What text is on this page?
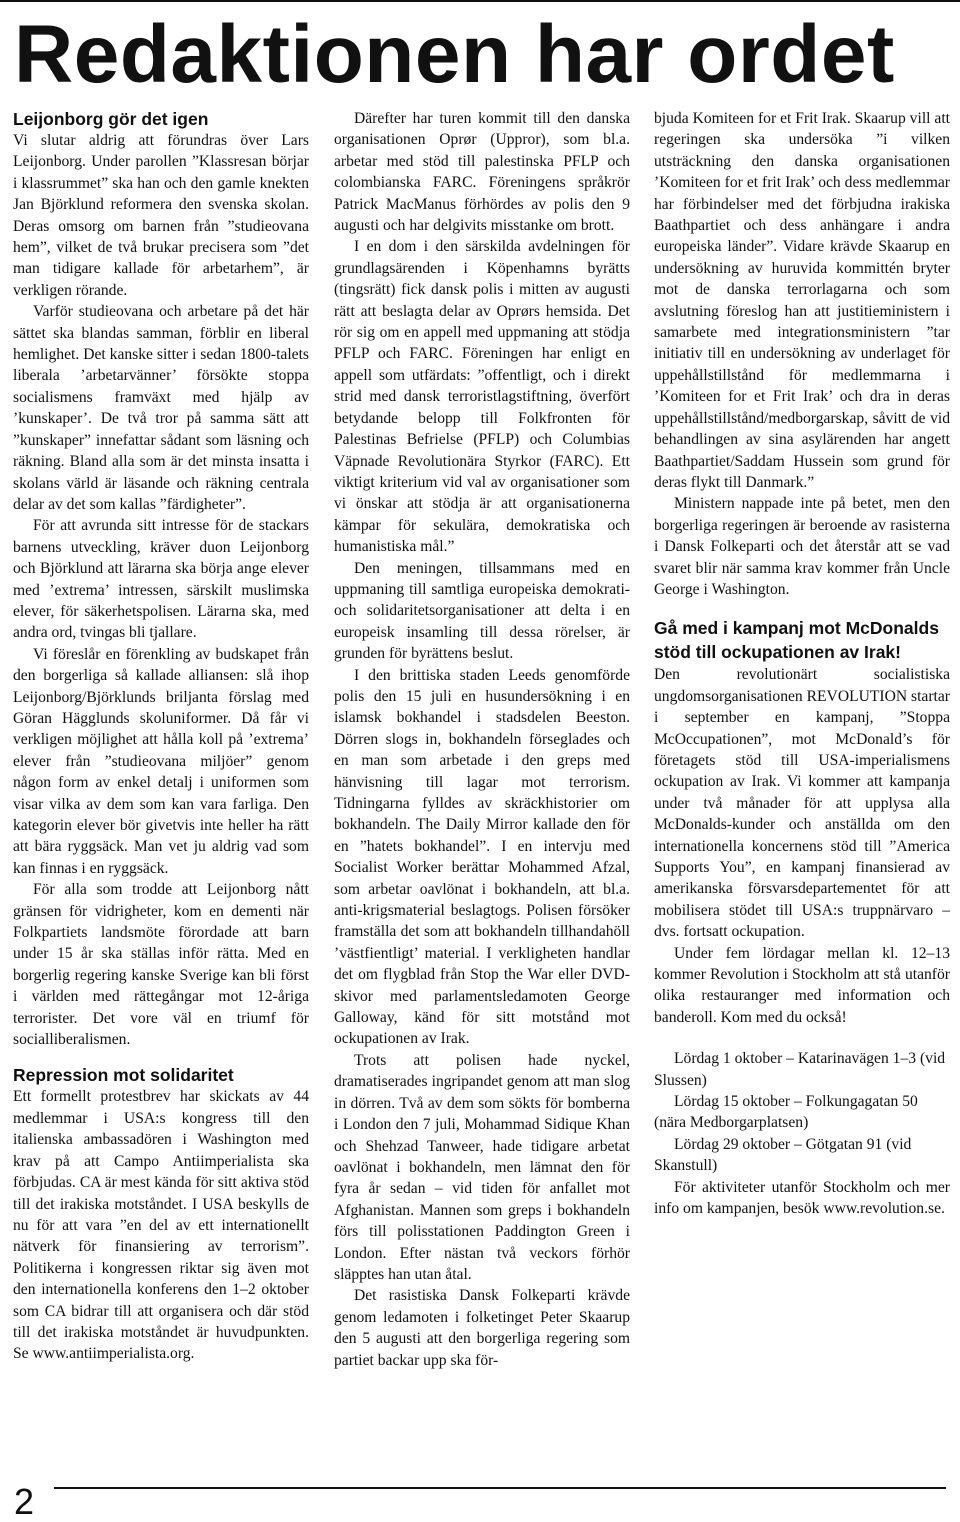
Redaktionen har ordet
Leijonborg gör det igen

Vi slutar aldrig att förundras över Lars Leijonborg. Under parollen ”Klassresan börjar i klassrummet” ska han och den gamle knekten Jan Björklund reformera den svenska skolan. Deras omsorg om barnen från ”studieovana hem”, vilket de två brukar precisera som ”det man tidigare kallade för arbetarhem”, är verkligen rörande.

Varför studieovana och arbetare på det här sättet ska blandas samman, förblir en liberal hemlighet. Det kanske sitter i sedan 1800-talets liberala ’arbetarvänner’ försökte stoppa socialismens framväxt med hjälp av ’kunskaper’. De två tror på samma sätt att ”kunskaper” innefattar sådant som läsning och räkning. Bland alla som är det minsta insatta i skolans värld är läsande och räkning centrala delar av det som kallas ”färdigheter”.

För att avrunda sitt intresse för de stackars barnens utveckling, kräver duon Leijonborg och Björklund att lärarna ska börja ange elever med ’extrema’ intressen, särskilt muslimska elever, för säkerhetspolisen. Lärarna ska, med andra ord, tvingas bli tjallare.

Vi föreslår en förenkling av budskapet från den borgerliga så kallade alliansen: slå ihop Leijonborg/Björklunds briljanta förslag med Göran Hägglunds skoluniformer. Då får vi verkligen möjlighet att hålla koll på ’extrema’ elever från ”studieovana miljöer” genom någon form av enkel detalj i uniformen som visar vilka av dem som kan vara farliga. Den kategorin elever bör givetvis inte heller ha rätt att bära ryggsäck. Man vet ju aldrig vad som kan finnas i en ryggsäck.

För alla som trodde att Leijonborg nått gränsen för vidrigheter, kom en dementi när Folkpartiets landsmöte förordade att barn under 15 år ska ställas inför rätta. Med en borgerlig regering kanske Sverige kan bli först i världen med rättegångar mot 12-åriga terrorister. Det vore väl en triumf för socialliberalismen.

Repression mot solidaritet

Ett formellt protestbrev har skickats av 44 medlemmar i USA:s kongress till den italienska ambassadören i Washington med krav på att Campo Antiimperialista ska förbjudas. CA är mest kända för sitt aktiva stöd till det irakiska motståndet. I USA beskylls de nu för att vara ”en del av ett internationellt nätverk för finansiering av terrorism”. Politikerna i kongressen riktar sig även mot den internationella konferens den 1–2 oktober som CA bidrar till att organisera och där stöd till det irakiska motståndet är huvudpunkten. Se www.antiimperialista.org.

Därefter har turen kommit till den danska organisationen Oprør (Uppror), som bl.a. arbetar med stöd till palestinska PFLP och colombianska FARC. Föreningens språkrör Patrick MacManus förhördes av polis den 9 augusti och har delgivits misstanke om brott.

I en dom i den särskilda avdelningen för grundlagsärenden i Köpenhamns byrätts (tingsrätt) fick dansk polis i mitten av augusti rätt att beslagta delar av Oprørs hemsida. Det rör sig om en appell med uppmaning att stödja PFLP och FARC. Föreningen har enligt en appell som utfärdats: ”offentligt, och i direkt strid med dansk terroristlagstiftning, överfört betydande belopp till Folkfronten för Palestinas Befrielse (PFLP) och Columbias Väpnade Revolutionära Styrkor (FARC). Ett viktigt kriterium vid val av organisationer som vi önskar att stödja är att organisationerna kämpar för sekulära, demokratiska och humanistiska mål.”

Den meningen, tillsammans med en uppmaning till samtliga europeiska demokrati- och solidaritetsorganisationer att delta i en europeisk insamling till dessa rörelser, är grunden för byrättens beslut.

I den brittiska staden Leeds genomförde polis den 15 juli en husundersökning i en islamsk bokhandel i stadsdelen Beeston. Dörren slogs in, bokhandeln förseglades och en man som arbetade i den greps med hänvisning till lagar mot terrorism. Tidningarna fylldes av skräckhistorier om bokhandeln. The Daily Mirror kallade den för en ”hatets bokhandel”. I en intervju med Socialist Worker berättar Mohammed Afzal, som arbetar oavlönat i bokhandeln, att bl.a. anti-krigsmaterial beslagtogs. Polisen försöker framställa det som att bokhandeln tillhandahöll ’västfientligt’ material. I verkligheten handlar det om flygblad från Stop the War eller DVD-skivor med parlamentsledamoten George Galloway, känd för sitt motstånd mot ockupationen av Irak.

Trots att polisen hade nyckel, dramatiserades ingripandet genom att man slog in dörren. Två av dem som sökts för bomberna i London den 7 juli, Mohammad Sidique Khan och Shehzad Tanweer, hade tidigare arbetat oavlönat i bokhandeln, men lämnat den för fyra år sedan – vid tiden för anfallet mot Afghanistan. Mannen som greps i bokhandeln förs till polisstationen Paddington Green i London. Efter nästan två veckors förhör släpptes han utan åtal.

Det rasistiska Dansk Folkeparti krävde genom ledamoten i folketinget Peter Skaarup den 5 augusti att den borgerliga regering som partiet backar upp ska för-

bjuda Komiteen for et Frit Irak. Skaarup vill att regeringen ska undersöka ”i vilken utsträckning den danska organisationen ’Komiteen for et frit Irak’ och dess medlemmar har förbindelser med det förbjudna irakiska Baathpartiet och dess anhängare i andra europeiska länder”. Vidare krävde Skaarup en undersökning av huruvida kommittén bryter mot de danska terrorlagarna och som avslutning föreslog han att justitieministern i samarbete med integrationsministern ”tar initiativ till en undersökning av underlaget för uppehållstillstånd för medlemmarna i ’Komiteen for et Frit Irak’ och dra in deras uppehållstillstånd/medborgarskap, såvitt de vid behandlingen av sina asylärenden har angett Baathpartiet/Saddam Hussein som grund för deras flykt till Danmark.”

Ministern nappade inte på betet, men den borgerliga regeringen är beroende av rasisterna i Dansk Folkeparti och det återstår att se vad svaret blir när samma krav kommer från Uncle George i Washington.

Gå med i kampanj mot McDonalds stöd till ockupationen av Irak!

Den revolutionärt socialistiska ungdomsorganisationen REVOLUTION startar i september en kampanj, ”Stoppa McOccupationen”, mot McDonald’s för företagets stöd till USA-imperialismens ockupation av Irak. Vi kommer att kampanja under två månader för att upplysa alla McDonalds-kunder och anställda om den internationella koncernens stöd till ”America Supports You”, en kampanj finansierad av amerikanska försvarsdepartementet för att mobilisera stödet till USA:s truppnärvaro – dvs. fortsatt ockupation.

Under fem lördagar mellan kl. 12–13 kommer Revolution i Stockholm att stå utanför olika restauranger med information och banderoll. Kom med du också!

Lördag 1 oktober – Katarinavägen 1–3 (vid Slussen)

Lördag 15 oktober – Folkungagatan 50 (nära Medborgarplatsen)

Lördag 29 oktober – Götgatan 91 (vid Skanstull)

För aktiviteter utanför Stockholm och mer info om kampanjen, besök www.revolution.se.

2
